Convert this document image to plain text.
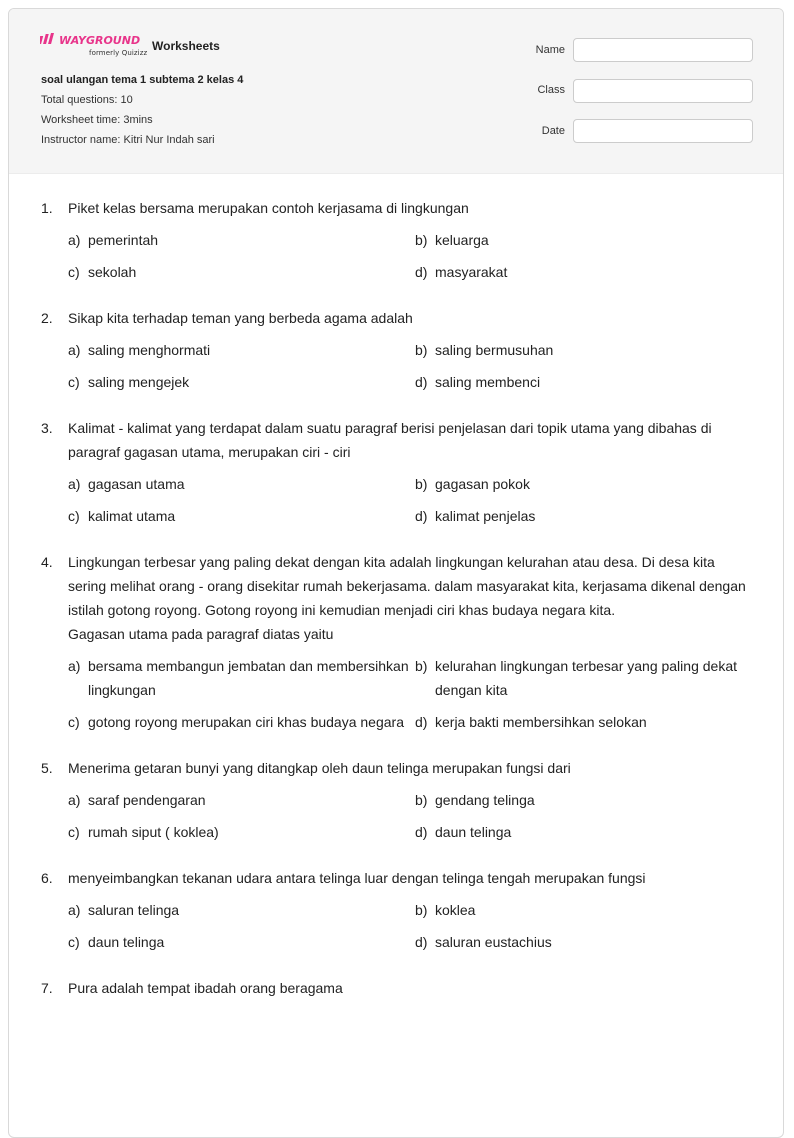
WAYGROUND
formerly Quizizz Worksheets
soal ulangan tema 1 subtema 2 kelas 4
Total questions: 10
Worksheet time: 3mins
Instructor name: Kitri Nur Indah sari
Name
Class
Date
1.	Piket kelas bersama merupakan contoh kerjasama di lingkungan
a) pemerintah	b) keluarga
c) sekolah	d) masyarakat
2.	Sikap kita terhadap teman yang berbeda agama adalah
a) saling menghormati	b) saling bermusuhan
c) saling mengejek	d) saling membenci
3.	Kalimat - kalimat yang terdapat dalam suatu paragraf berisi penjelasan dari topik utama yang dibahas di paragraf gagasan utama, merupakan ciri - ciri
a) gagasan utama	b) gagasan pokok
c) kalimat utama	d) kalimat penjelas
4.	Lingkungan terbesar yang paling dekat dengan kita adalah lingkungan kelurahan atau desa. Di desa kita sering melihat orang - orang disekitar rumah bekerjasama. dalam masyarakat kita, kerjasama dikenal dengan istilah gotong royong. Gotong royong ini kemudian menjadi ciri khas budaya negara kita.
Gagasan utama pada paragraf diatas yaitu
a) bersama membangun jembatan dan membersihkan lingkungan
b) kelurahan lingkungan terbesar yang paling dekat dengan kita
c) gotong royong merupakan ciri khas budaya negara d) kerja bakti membersihkan selokan
5.	Menerima getaran bunyi yang ditangkap oleh daun telinga merupakan fungsi dari
a) saraf pendengaran	b) gendang telinga
c) rumah siput ( koklea)	d) daun telinga
6.	menyeimbangkan tekanan udara antara telinga luar dengan telinga tengah merupakan fungsi
a) saluran telinga	b) koklea
c) daun telinga	d) saluran eustachius
7.	Pura adalah tempat ibadah orang beragama
